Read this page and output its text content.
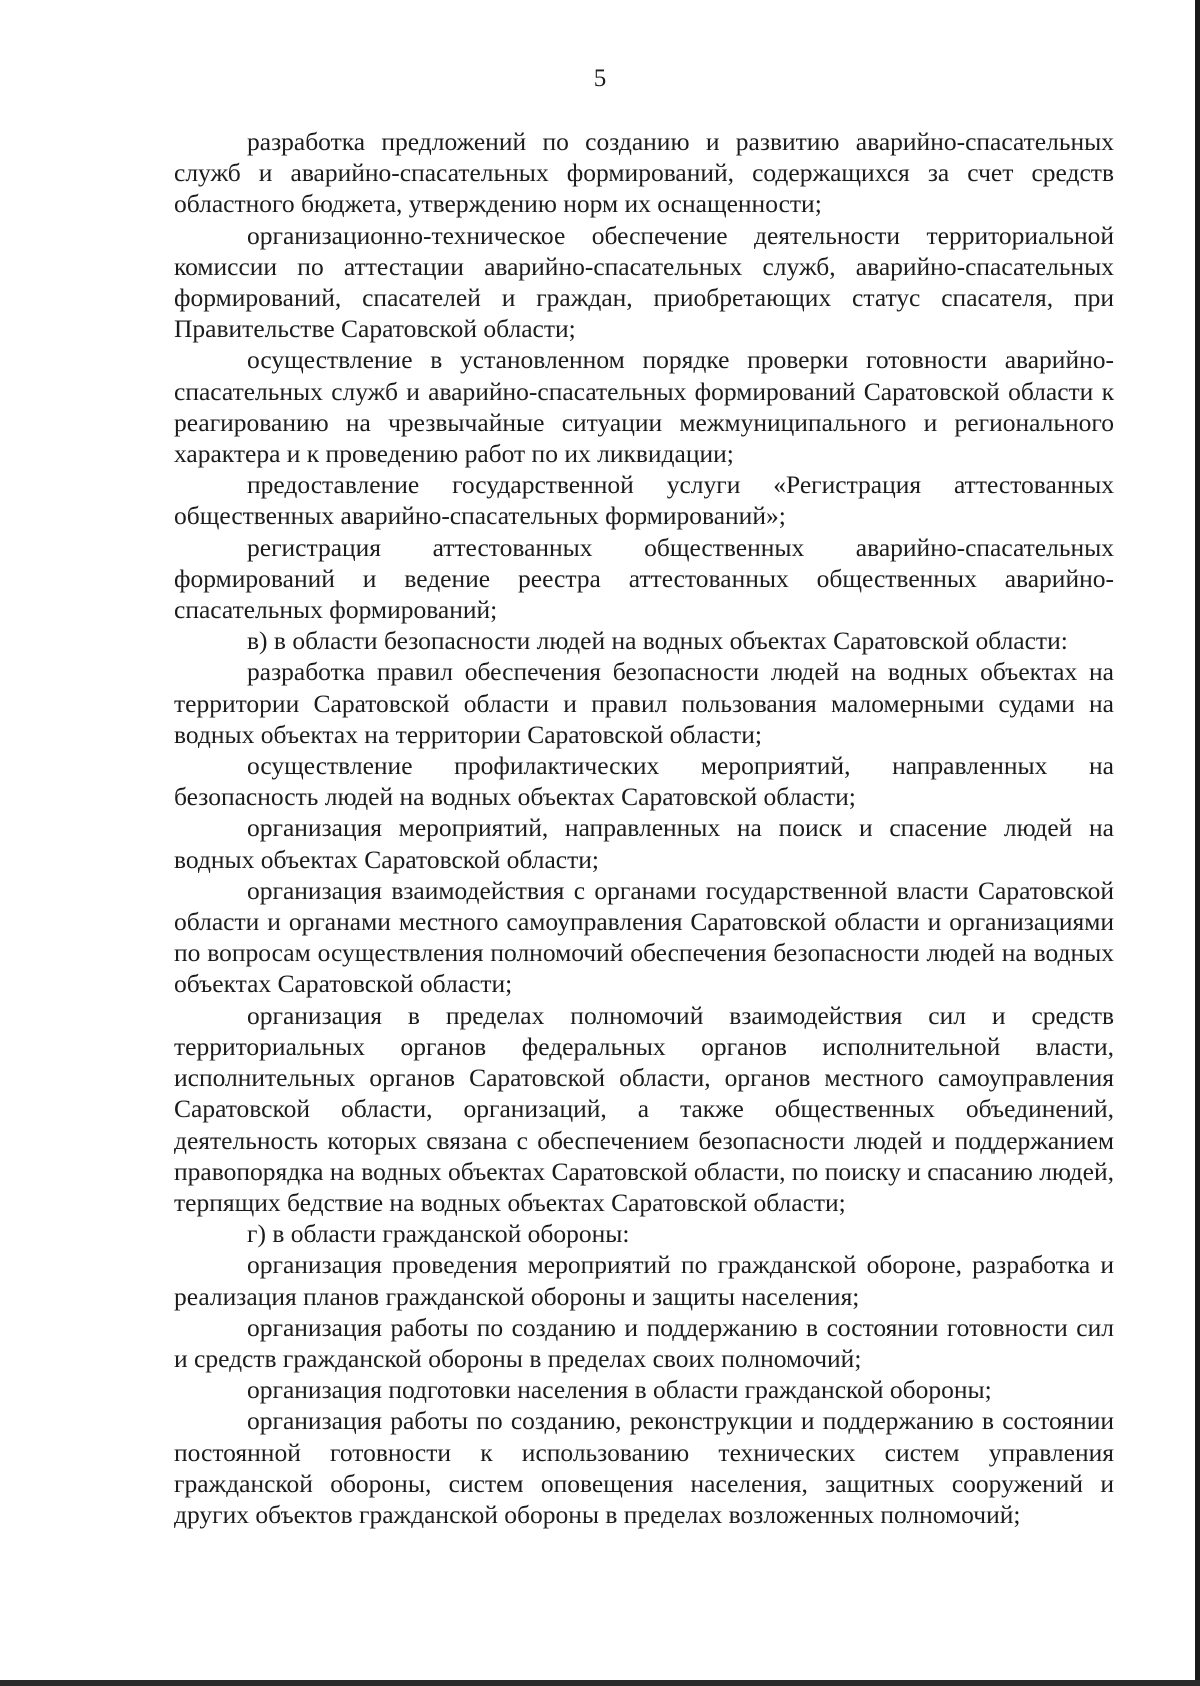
5

разработка предложений по созданию и развитию аварийно-спасательных служб и аварийно-спасательных формирований, содержащихся за счет средств областного бюджета, утверждению норм их оснащенности;

организационно-техническое обеспечение деятельности территориальной комиссии по аттестации аварийно-спасательных служб, аварийно-спасательных формирований, спасателей и граждан, приобретающих статус спасателя, при Правительстве Саратовской области;

осуществление в установленном порядке проверки готовности аварийно-спасательных служб и аварийно-спасательных формирований Саратовской области к реагированию на чрезвычайные ситуации межмуниципального и регионального характера и к проведению работ по их ликвидации;

предоставление государственной услуги «Регистрация аттестованных общественных аварийно-спасательных формирований»;

регистрация аттестованных общественных аварийно-спасательных формирований и ведение реестра аттестованных общественных аварийно-спасательных формирований;

в) в области безопасности людей на водных объектах Саратовской области:

разработка правил обеспечения безопасности людей на водных объектах на территории Саратовской области и правил пользования маломерными судами на водных объектах на территории Саратовской области;

осуществление профилактических мероприятий, направленных на безопасность людей на водных объектах Саратовской области;

организация мероприятий, направленных на поиск и спасение людей на водных объектах Саратовской области;

организация взаимодействия с органами государственной власти Саратовской области и органами местного самоуправления Саратовской области и организациями по вопросам осуществления полномочий обеспечения безопасности людей на водных объектах Саратовской области;

организация в пределах полномочий взаимодействия сил и средств территориальных органов федеральных органов исполнительной власти, исполнительных органов Саратовской области, органов местного самоуправления Саратовской области, организаций, а также общественных объединений, деятельность которых связана с обеспечением безопасности людей и поддержанием правопорядка на водных объектах Саратовской области, по поиску и спасанию людей, терпящих бедствие на водных объектах Саратовской области;

г) в области гражданской обороны:

организация проведения мероприятий по гражданской обороне, разработка и реализация планов гражданской обороны и защиты населения;

организация работы по созданию и поддержанию в состоянии готовности сил и средств гражданской обороны в пределах своих полномочий;

организация подготовки населения в области гражданской обороны;

организация работы по созданию, реконструкции и поддержанию в состоянии постоянной готовности к использованию технических систем управления гражданской обороны, систем оповещения населения, защитных сооружений и других объектов гражданской обороны в пределах возложенных полномочий;
